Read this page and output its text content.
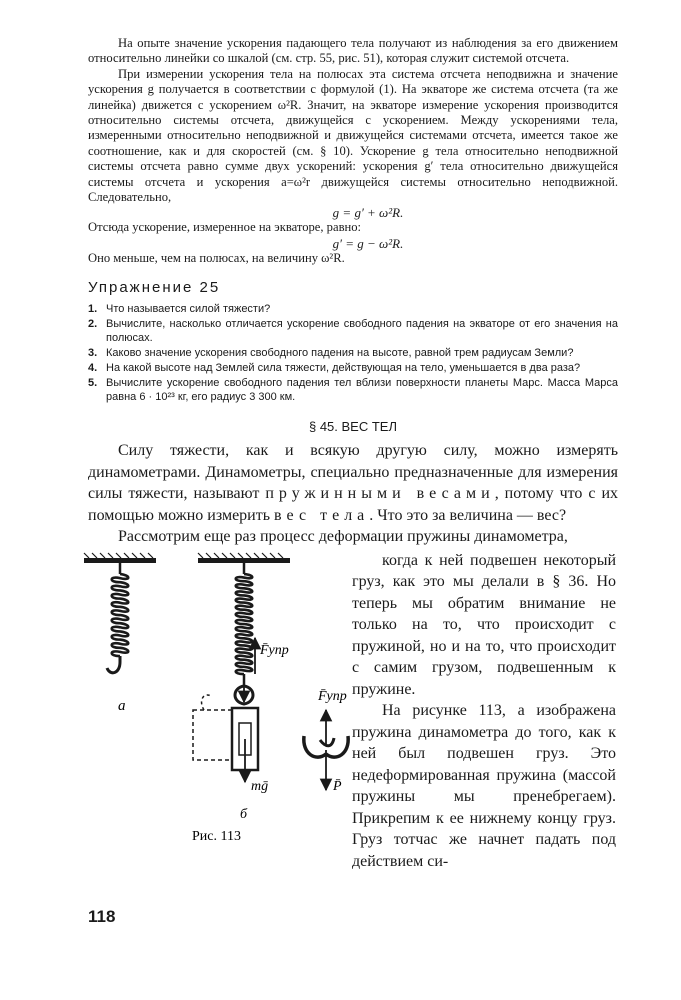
На опыте значение ускорения падающего тела получают из наблюдения за его движением относительно линейки со шкалой (см. стр. 55, рис. 51), которая служит системой отсчета.

При измерении ускорения тела на полюсах эта система отсчета неподвижна и значение ускорения g получается в соответствии с формулой (1). На экваторе же система отсчета (та же линейка) движется с ускорением ω²R. Значит, на экваторе измерение ускорения производится относительно системы отсчета, движущейся с ускорением. Между ускорениями тела, измеренными относительно неподвижной и движущейся системами отсчета, имеется такое же соотношение, как и для скоростей (см. § 10). Ускорение g тела относительно неподвижной системы отсчета равно сумме двух ускорений: ускорения g′ тела относительно движущейся системы отсчета и ускорения a=ω²r движущейся системы относительно неподвижной. Следовательно,

g = g′ + ω²R.

Отсюда ускорение, измеренное на экваторе, равно:

g′ = g − ω²R.

Оно меньше, чем на полюсах, на величину ω²R.

Упражнение 25
1. Что называется силой тяжести?
2. Вычислите, насколько отличается ускорение свободного падения на экваторе от его значения на полюсах.
3. Каково значение ускорения свободного падения на высоте, равной трем радиусам Земли?
4. На какой высоте над Землей сила тяжести, действующая на тело, уменьшается в два раза?
5. Вычислите ускорение свободного падения тел вблизи поверхности планеты Марс. Масса Марса равна 6 · 10²³ кг, его радиус 3 300 км.
§ 45. ВЕС ТЕЛ

Силу тяжести, как и всякую другую силу, можно измерять динамометрами. Динамометры, специально предназначенные для измерения силы тяжести, называют пружинными весами, потому что с их помощью можно измерить вес тела. Что это за величина — вес?

Рассмотрим еще раз процесс деформации пружины динамометра,

а
F̄упр
mḡ
б
F̄упр
P̄
Рис. 113

когда к ней подвешен некоторый груз, как это мы делали в § 36. Но теперь мы обратим внимание не только на то, что происходит с пружиной, но и на то, что происходит с самим грузом, подвешенным к пружине.

На рисунке 113, а изображена пружина динамометра до того, как к ней был подвешен груз. Это недеформированная пружина (массой пружины мы пренебрегаем). Прикрепим к ее нижнему концу груз. Груз тотчас же начнет падать под действием си-

118
